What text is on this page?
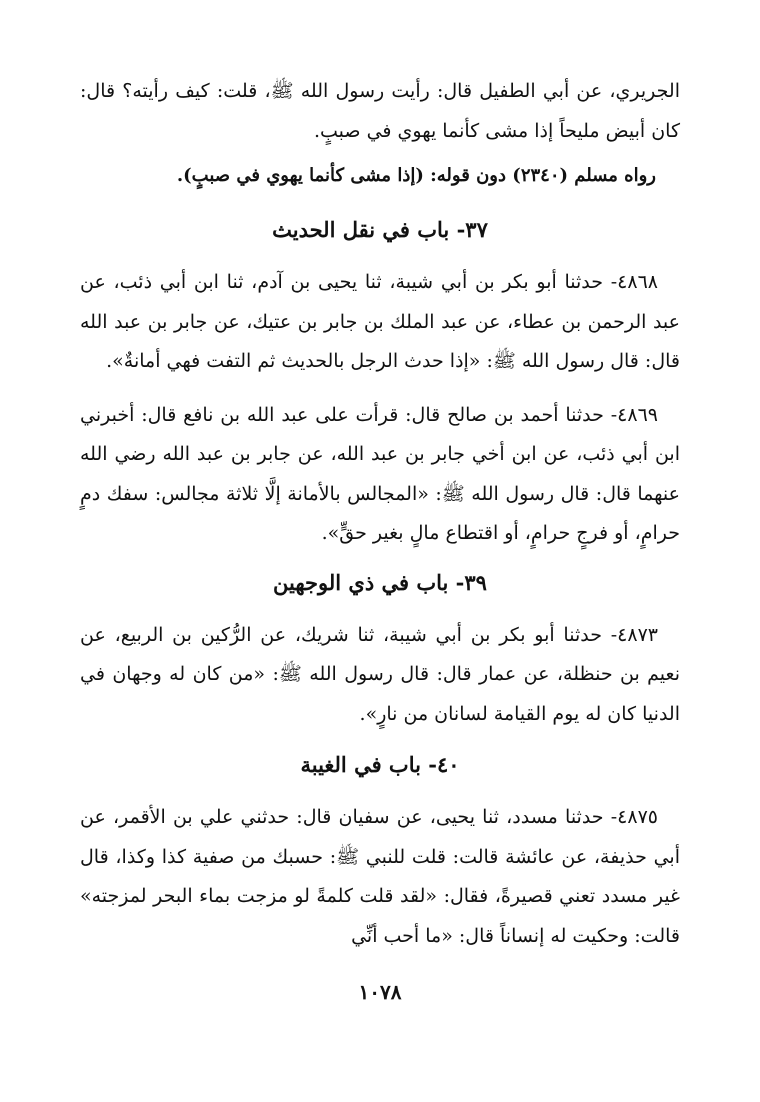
الجريري، عن أبي الطفيل قال: رأيت رسول الله ﷺ، قلت: كيف رأيته؟ قال: كان أبيض مليحاً إذا مشى كأنما يهوي في صببٍ.

رواه مسلم (٢٣٤٠) دون قوله: (إذا مشى كأنما يهوي في صببٍ).

٣٧- باب في نقل الحديث

٤٨٦٨- حدثنا أبو بكر بن أبي شيبة، ثنا يحيى بن آدم، ثنا ابن أبي ذئب، عن عبد الرحمن بن عطاء، عن عبد الملك بن جابر بن عتيك، عن جابر بن عبد الله قال: قال رسول الله ﷺ: «إذا حدث الرجل بالحديث ثم التفت فهي أمانةٌ».

٤٨٦٩- حدثنا أحمد بن صالح قال: قرأت على عبد الله بن نافع قال: أخبرني ابن أبي ذئب، عن ابن أخي جابر بن عبد الله، عن جابر بن عبد الله رضي الله عنهما قال: قال رسول الله ﷺ: «المجالس بالأمانة إلَّا ثلاثة مجالس: سفك دمٍ حرامٍ، أو فرجٍ حرامٍ، أو اقتطاع مالٍ بغير حقٍّ».

٣٩- باب في ذي الوجهين

٤٨٧٣- حدثنا أبو بكر بن أبي شيبة، ثنا شريك، عن الرُّكين بن الربيع، عن نعيم بن حنظلة، عن عمار قال: قال رسول الله ﷺ: «من كان له وجهان في الدنيا كان له يوم القيامة لسانان من نارٍ».

٤٠- باب في الغيبة

٤٨٧٥- حدثنا مسدد، ثنا يحيى، عن سفيان قال: حدثني علي بن الأقمر، عن أبي حذيفة، عن عائشة قالت: قلت للنبي ﷺ: حسبك من صفية كذا وكذا، قال غير مسدد تعني قصيرةً، فقال: «لقد قلت كلمةً لو مزجت بماء البحر لمزجته» قالت: وحكيت له إنساناً قال: «ما أحب أنِّي

١٠٧٨
